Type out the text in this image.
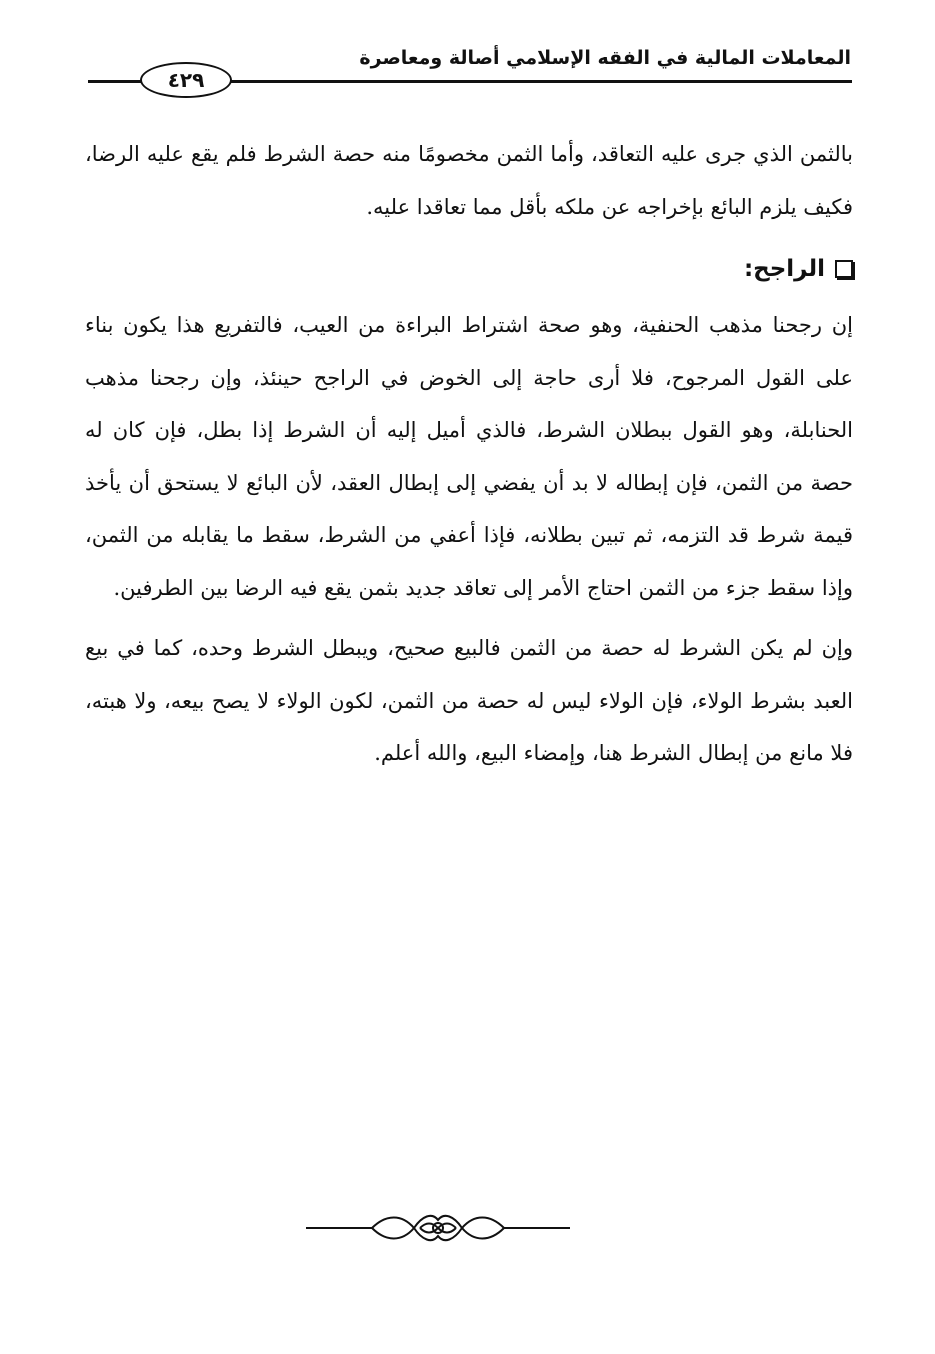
المعاملات المالية في الفقه الإسلامي أصالة ومعاصرة
٤٢٩

بالثمن الذي جرى عليه التعاقد، وأما الثمن مخصومًا منه حصة الشرط فلم يقع عليه الرضا، فكيف يلزم البائع بإخراجه عن ملكه بأقل مما تعاقدا عليه.

الراجح:

إن رجحنا مذهب الحنفية، وهو صحة اشتراط البراءة من العيب، فالتفريع هذا يكون بناء على القول المرجوح، فلا أرى حاجة إلى الخوض في الراجح حينئذ، وإن رجحنا مذهب الحنابلة، وهو القول ببطلان الشرط، فالذي أميل إليه أن الشرط إذا بطل، فإن كان له حصة من الثمن، فإن إبطاله لا بد أن يفضي إلى إبطال العقد، لأن البائع لا يستحق أن يأخذ قيمة شرط قد التزمه، ثم تبين بطلانه، فإذا أعفي من الشرط، سقط ما يقابله من الثمن، وإذا سقط جزء من الثمن احتاج الأمر إلى تعاقد جديد بثمن يقع فيه الرضا بين الطرفين.

وإن لم يكن الشرط له حصة من الثمن فالبيع صحيح، ويبطل الشرط وحده، كما في بيع العبد بشرط الولاء، فإن الولاء ليس له حصة من الثمن، لكون الولاء لا يصح بيعه، ولا هبته، فلا مانع من إبطال الشرط هنا، وإمضاء البيع، والله أعلم.
